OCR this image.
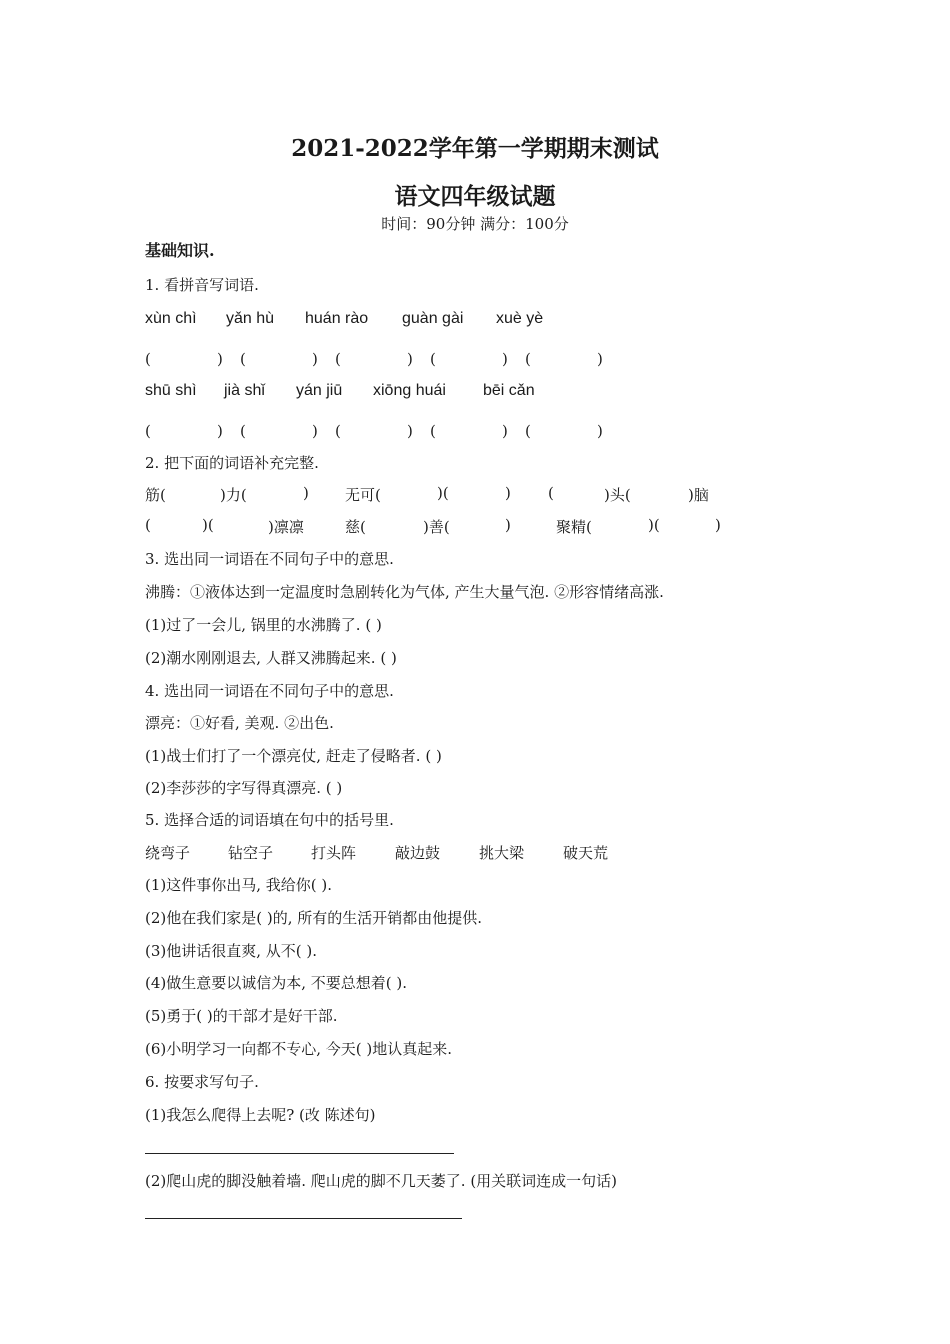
2021-2022学年第一学期期末测试
语文四年级试题
时间：90分钟 满分：100分
基础知识.
1. 看拼音写词语.
xùn chì yǎn hù huán rào guàn gài xuè yè
(	) (	) (	) (	) (	)
shū shì jià shǐ yán jiū xiōng huái bēi cǎn
(	) (	) (	) (	) (	)
2. 把下面的词语补充完整.
筋(	)力(	) 无可(	)(	) (	)头(	)脑
(	)(	)凛凛	慈(	)善(	)	聚精(	)(	)
3. 选出同一词语在不同句子中的意思.
沸腾：①液体达到一定温度时急剧转化为气体, 产生大量气泡. ②形容情绪高涨.
(1)过了一会儿, 锅里的水沸腾了. ( )
(2)潮水刚刚退去, 人群又沸腾起来. ( )
4. 选出同一词语在不同句子中的意思.
漂亮：①好看, 美观. ②出色.
(1)战士们打了一个漂亮仗, 赶走了侵略者. ( )
(2)李莎莎的字写得真漂亮. ( )
5. 选择合适的词语填在句中的括号里.
绕弯子	钻空子	打头阵	敲边鼓	挑大梁	破天荒
(1)这件事你出马, 我给你( ).
(2)他在我们家是( )的, 所有的生活开销都由他提供.
(3)他讲话很直爽, 从不( ).
(4)做生意要以诚信为本, 不要总想着( ).
(5)勇于( )的干部才是好干部.
(6)小明学习一向都不专心, 今天( )地认真起来.
6. 按要求写句子.
(1)我怎么爬得上去呢? (改 陈述句)
(2)爬山虎的脚没触着墙. 爬山虎的脚不几天萎了. (用关联词连成一句话)
